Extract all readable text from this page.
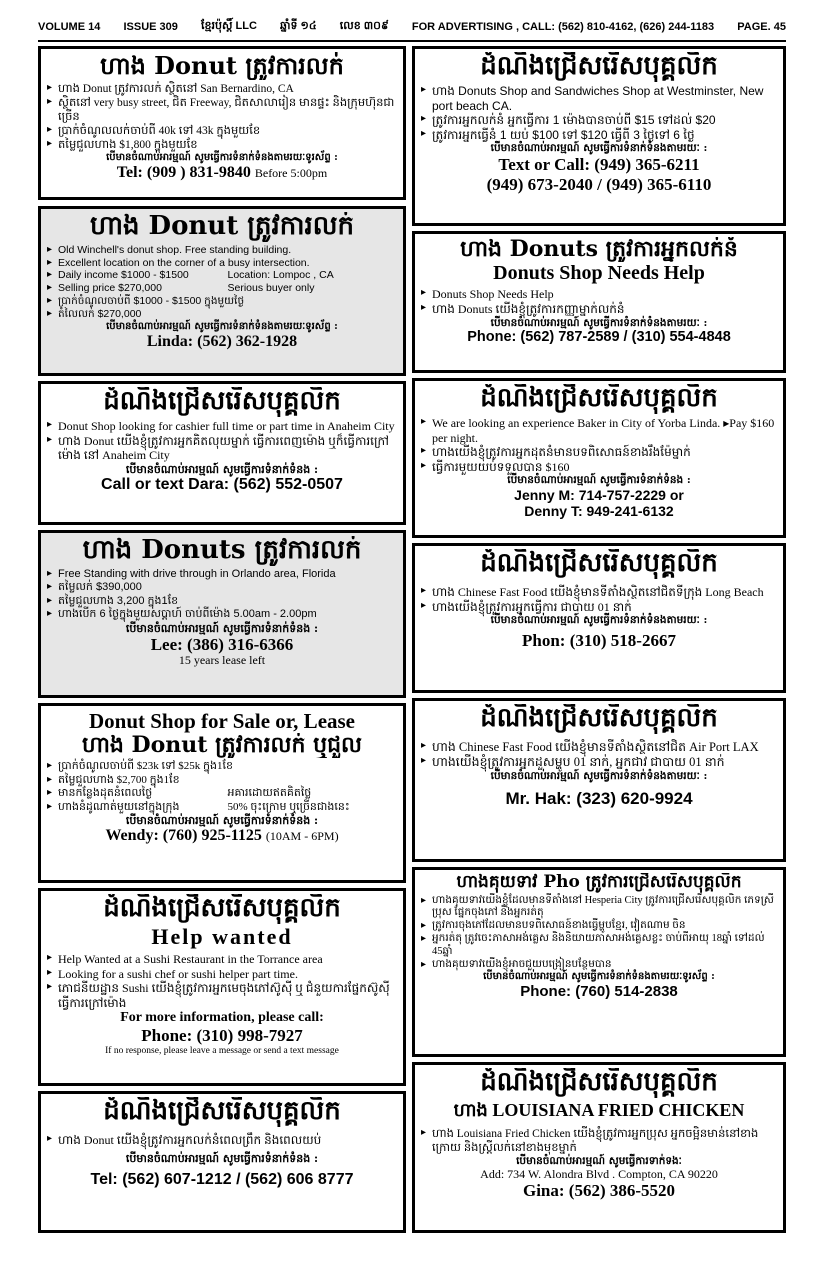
VOLUME 14 ISSUE 309 ខ្មែរប៉ុស្តិ៍ LLC ឆ្នាំទី ១៤ លេខ ៣០៩ FOR ADVERTISING , CALL: (562) 810-4162, (626) 244-1183 PAGE. 45
ហាង Donut ត្រូវការលក់
▸ ហាង Donut ត្រូវការលក់ ស្ថិតនៅ San Bernardino, CA
▸ ស្ថិតនៅ very busy street, ជិត Freeway, ជិតសាលារៀន មានផ្ទះ និងក្រុមហ៊ុនជាច្រើន
▸ ប្រាក់ចំណូលលក់ចាប់ពី 40k ទៅ 43k ក្នុងមួយខែ
▸ តម្លៃជួលហាង $1,800 ក្នុងមួយខែ
បើមានចំណាប់អារម្មណ៍ សូមធ្វើការទំនាក់ទំនងតាមរយៈទូរស័ព្ទ :
Tel: (909 ) 831-9840 Before 5:00pm
ហាង Donut ត្រូវការលក់
▸ Old Winchell's donut shop. Free standing building.
▸ Excellent location on the corner of a busy intersection.
▸ Daily income $1000 - $1500	Location: Lompoc , CA
▸ Selling price $270,000	Serious buyer only
▸ ប្រាក់ចំណូលចាប់ពី $1000 - $1500 ក្នុងមួយថ្ងៃ
▸ តំលៃលក់ $270,000
បើមានចំណាប់អារម្មណ៍ សូមធ្វើការទំនាក់ទំនងតាមរយៈទូរស័ព្ទ :
Linda: (562) 362-1928
ដំណឹងជ្រើសរើសបុគ្គលិក
▸ Donut Shop looking for cashier full time or part time in Anaheim City
▸ ហាង Donut យើងខ្ញុំត្រូវការអ្នកគិតលុយម្នាក់ ធ្វើការពេញម៉ោង ឬក៏ធ្វើការក្រៅម៉ោង នៅ Anaheim City
បើមានចំណាប់អារម្មណ៍ សូមធ្វើការទំនាក់ទំនង :
Call or text Dara: (562) 552-0507
ហាង Donuts ត្រូវការលក់
▸ Free Standing with drive through in Orlando area, Florida
▸ តម្លៃលក់ $390,000
▸ តម្លៃជួលហាង 3,200 ក្នុង1ខែ
▸ ហាងបើក 6 ថ្ងៃក្នុងមួយសប្តាហ៍ ចាប់ពីម៉ោង 5.00am - 2.00pm
បើមានចំណាប់អារម្មណ៍ សូមធ្វើការទំនាក់ទំនង :
Lee: (386) 316-6366
15 years lease left
Donut Shop for Sale or, Lease
ហាង Donut ត្រូវការលក់ ឬជួល
▸ ប្រាក់ចំណូលចាប់ពី $23k ទៅ $25k ក្នុង1ខែ
▸ តម្លៃជួលហាង $2,700 ក្នុង1ខែ
▸ មានកន្លែងដុតនំពេលថ្ងៃ	អគារដោយឥតគិតថ្លៃ
▸ ហាងនំដូណាត់មួយនៅក្នុងក្រុង	50% ចុះក្រោម ឬច្រើនជាងនេះ
បើមានចំណាប់អារម្មណ៍ សូមធ្វើការទំនាក់ទំនង :
Wendy: (760) 925-1125 (10AM - 6PM)
ដំណឹងជ្រើសរើសបុគ្គលិក
Help wanted
▸ Help Wanted at a Sushi Restaurant in the Torrance area
▸ Looking for a sushi chef or sushi helper part time.
▸ ភោជនីយដ្ឋាន Sushi យើងខ្ញុំត្រូវការអ្នកមេចុងភៅស៊ូស៊ី ឬ ជំនួយការផ្នែកស៊ូស៊ី ធ្វើការក្រៅម៉ោង
For more information, please call:
Phone: (310) 998-7927
If no response, please leave a message or send a text message
ដំណឹងជ្រើសរើសបុគ្គលិក
▸ ហាង Donut យើងខ្ញុំត្រូវការអ្នកលក់នំពេលព្រឹក និងពេលយប់
បើមានចំណាប់អារម្មណ៍ សូមធ្វើការទំនាក់ទំនង :
Tel: (562) 607-1212 / (562) 606 8777
ដំណឹងជ្រើសរើសបុគ្គលិក
▸ ហាង Donuts Shop and Sandwiches Shop at Westminster, New port beach CA.
▸ ត្រូវការអ្នកលក់នំ អ្នកធ្វើការ 1 ម៉ោងបានចាប់ពី $15 ទៅដល់ $20
▸ ត្រូវការអ្នកធ្វើនំ 1 យប់ $100 ទៅ $120 ធ្វើពី 3 ថ្ងៃទៅ 6 ថ្ងៃ
បើមានចំណាប់អារម្មណ៍ សូមធ្វើការទំនាក់ទំនងតាមរយៈ :
Text or Call: (949) 365-6211
(949) 673-2040 / (949) 365-6110
ហាង Donuts ត្រូវការអ្នកលក់នំ
Donuts Shop Needs Help
▸ Donuts Shop Needs Help
▸ ហាង Donuts យើងខ្ញុំត្រូវការកញ្ញាម្នាក់លក់នំ
បើមានចំណាប់អារម្មណ៍ សូមធ្វើការទំនាក់ទំនងតាមរយៈ :
Phone: (562) 787-2589 / (310) 554-4848
ដំណឹងជ្រើសរើសបុគ្គលិក
▸ We are looking an experience Baker in City of Yorba Linda. ▸Pay $160 per night.
▸ ហាងយើងខ្ញុំត្រូវការអ្នកដុតនំមានបទពិសោធន៍ខាងរឹងម៉ែម្នាក់
▸ ធ្វើការមួយយប់ទទួលបាន $160
បើមានចំណាប់អារម្មណ៍ សូមធ្វើការទំនាក់ទំនង :
Jenny M: 714-757-2229 or
Denny T: 949-241-6132
ដំណឹងជ្រើសរើសបុគ្គលិក
▸ ហាង Chinese Fast Food យើងខ្ញុំមានទីតាំងស្ថិតនៅជិតទីក្រុង Long Beach
▸ ហាងយើងខ្ញុំត្រូវការអ្នកធ្វើការ ជាបាយ 01 នាក់
បើមានចំណាប់អារម្មណ៍ សូមធ្វើការទំនាក់ទំនងតាមរយៈ :
Phon: (310) 518-2667
ដំណឹងជ្រើសរើសបុគ្គលិក
▸ ហាង Chinese Fast Food យើងខ្ញុំមានទីតាំងស្ថិតនៅជិត Air Port LAX
▸ ហាងយើងខ្ញុំត្រូវការអ្នកដួសម្ហូប 01 នាក់, អ្នកជាវ ជាបាយ 01 នាក់
បើមានចំណាប់អារម្មណ៍ សូមធ្វើការទំនាក់ទំនងតាមរយៈ :
Mr. Hak: (323) 620-9924
ហាងគុយទាវ Pho ត្រូវការជ្រើសរើសបុគ្គលិក
▸ ហាងគុយទាវយើងខ្ញុំដែលមានទីតាំងនៅ Hesperia City ត្រូវការជ្រើសរើសបុគ្គលិក ភេទស្រី ប្រុស ផ្នែកចុងភៅ និងអ្នករត់តុ
▸ ត្រូវការចុងភៅដែលមានបទពិសោធន៍ខាងធ្វើម្ហូបខ្មែរ, វៀតណាម ចិន
▸ អ្នករត់តុ ត្រូវចេះភាសាអង់គ្លេស និងនិយាយភាសាអង់គ្លេសខ្លះ ចាប់ពីអាយុ 18ឆ្នាំ ទៅដល់ 45ឆ្នាំ
▸ ហាងគុយទាវយើងខ្ញុំអាចជួយបង្រៀនបន្ថែមបាន
បើមានចំណាប់អារម្មណ៍ សូមធ្វើការទំនាក់ទំនងតាមរយៈទូរស័ព្ទ :
Phone: (760) 514-2838
ដំណឹងជ្រើសរើសបុគ្គលិក
ហាង LOUISIANA FRIED CHICKEN
▸ ហាង Louisiana Fried Chicken យើងខ្ញុំត្រូវការអ្នកប្រុស អ្នកចម្អិនមាន់នៅខាងក្រោយ និងស្ត្រីលក់នៅខាងមុខម្នាក់
បើមានចំណាប់អារម្មណ៍ សូមធ្វើការទាក់ទងៈ
Add: 734 W. Alondra Blvd . Compton, CA 90220
Gina: (562) 386-5520
